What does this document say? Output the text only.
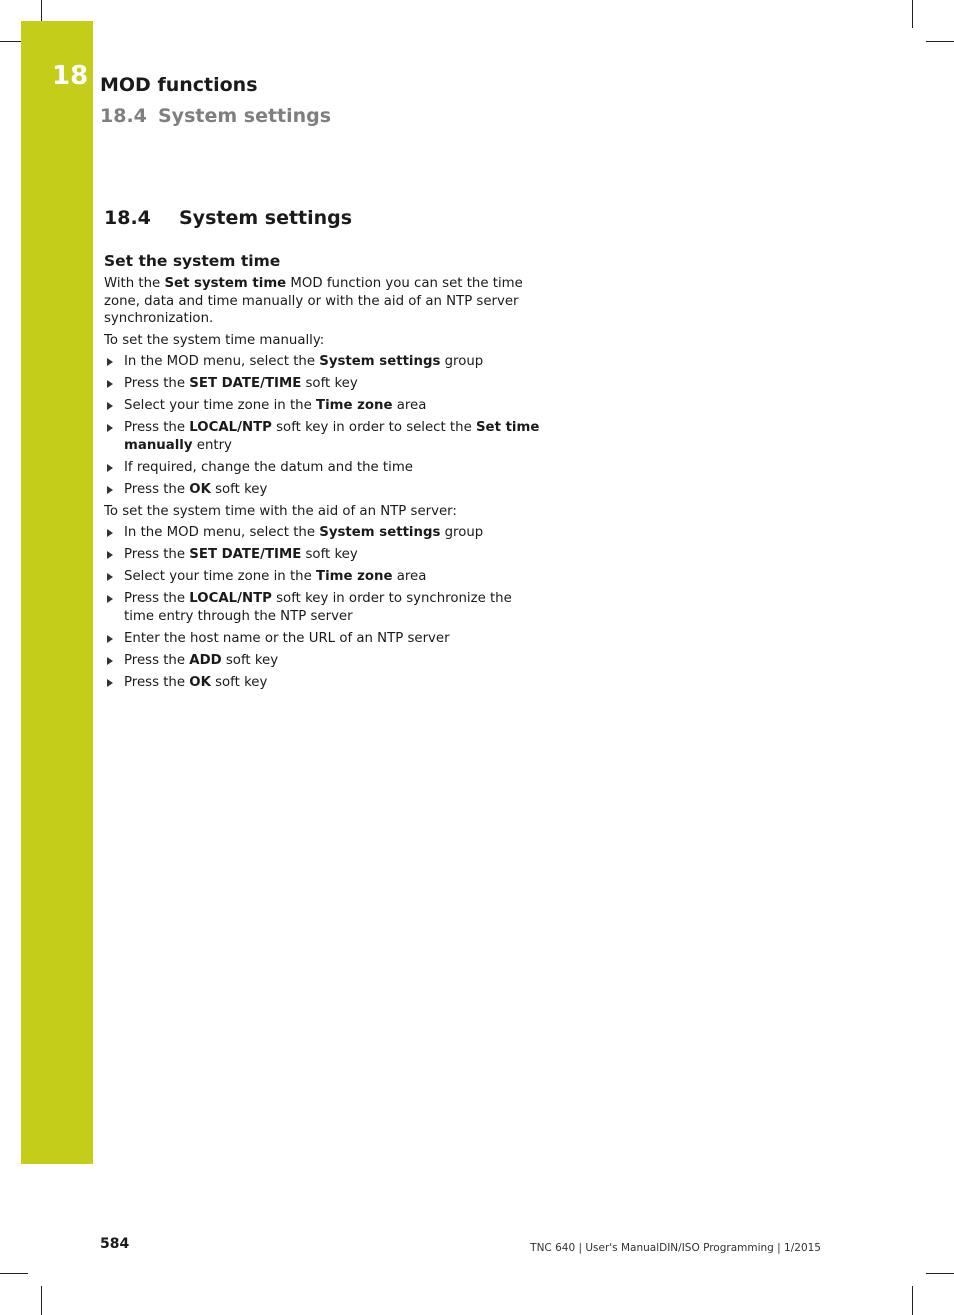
18 MOD functions
18.4 System settings
18.4 System settings
Set the system time

With the Set system time MOD function you can set the time zone, data and time manually or with the aid of an NTP server synchronization.

To set the system time manually:

In the MOD menu, select the System settings group
Press the SET DATE/TIME soft key
Select your time zone in the Time zone area
Press the LOCAL/NTP soft key in order to select the Set time manually entry
If required, change the datum and the time
Press the OK soft key

To set the system time with the aid of an NTP server:

In the MOD menu, select the System settings group
Press the SET DATE/TIME soft key
Select your time zone in the Time zone area
Press the LOCAL/NTP soft key in order to synchronize the time entry through the NTP server
Enter the host name or the URL of an NTP server
Press the ADD soft key
Press the OK soft key
584	TNC 640 | User's ManualDIN/ISO Programming | 1/2015
